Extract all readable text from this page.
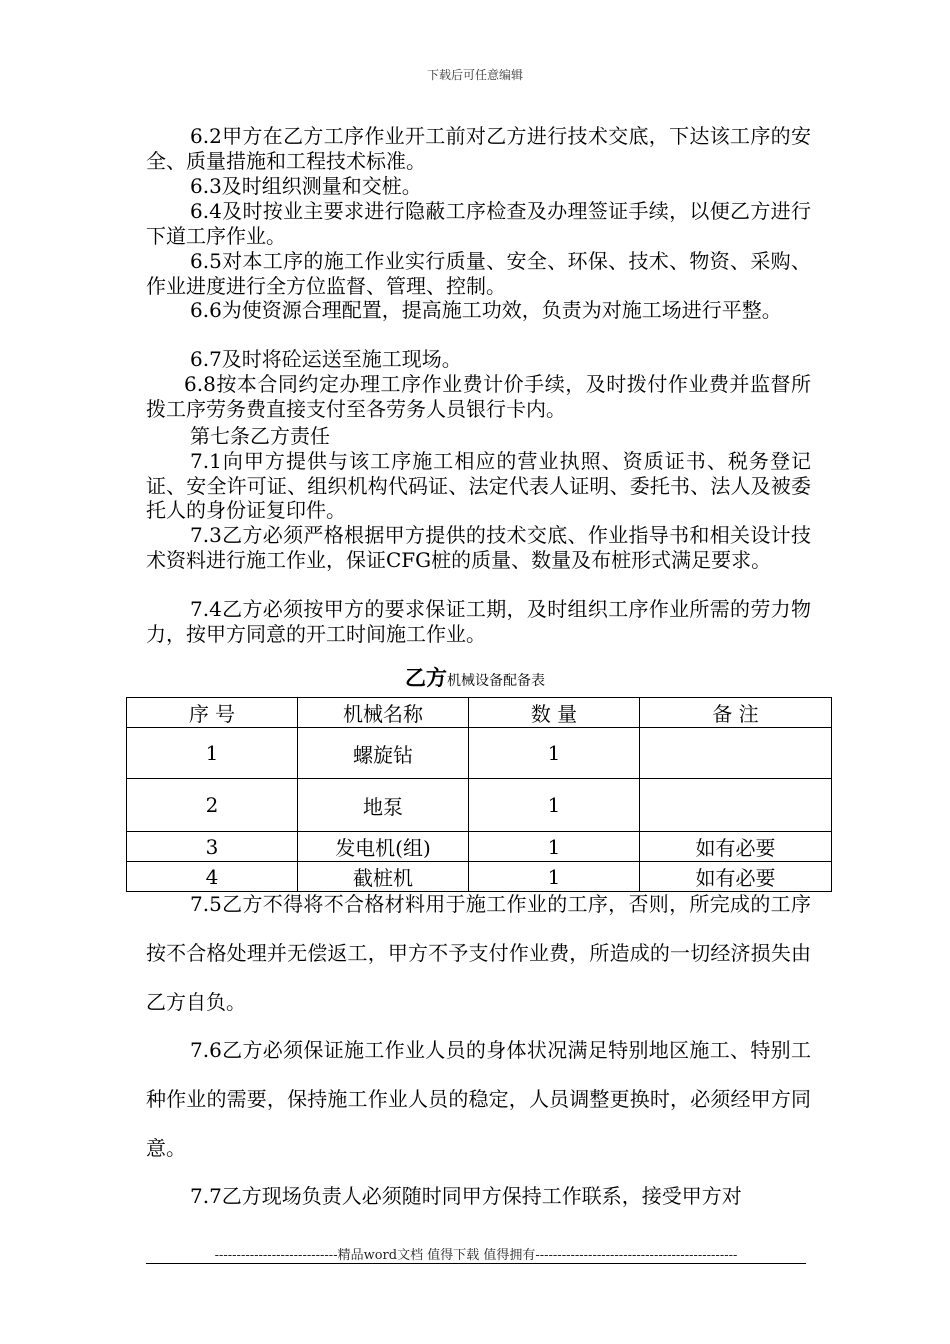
下载后可任意编辑

6.2甲方在乙方工序作业开工前对乙方进行技术交底，下达该工序的安全、质量措施和工程技术标准。

6.3及时组织测量和交桩。

6.4及时按业主要求进行隐蔽工序检查及办理签证手续，以便乙方进行下道工序作业。

6.5对本工序的施工作业实行质量、安全、环保、技术、物资、采购、作业进度进行全方位监督、管理、控制。

6.6为使资源合理配置，提高施工功效，负责为对施工场进行平整。

6.7及时将砼运送至施工现场。

6.8按本合同约定办理工序作业费计价手续，及时拨付作业费并监督所拨工序劳务费直接支付至各劳务人员银行卡内。

第七条乙方责任

7.1向甲方提供与该工序施工相应的营业执照、资质证书、税务登记证、安全许可证、组织机构代码证、法定代表人证明、委托书、法人及被委托人的身份证复印件。

7.3乙方必须严格根据甲方提供的技术交底、作业指导书和相关设计技术资料进行施工作业，保证CFG桩的质量、数量及布桩形式满足要求。

7.4乙方必须按甲方的要求保证工期，及时组织工序作业所需的劳力物力，按甲方同意的开工时间施工作业。

乙方机械设备配备表
序 号	机械名称	数 量	备 注
1	螺旋钻	1	
2	地泵	1	
3	发电机(组)	1	如有必要
4	截桩机	1	如有必要

7.5乙方不得将不合格材料用于施工作业的工序，否则，所完成的工序按不合格处理并无偿返工，甲方不予支付作业费，所造成的一切经济损失由乙方自负。

7.6乙方必须保证施工作业人员的身体状况满足特别地区施工、特别工种作业的需要，保持施工作业人员的稳定，人员调整更换时，必须经甲方同意。

7.7乙方现场负责人必须随时同甲方保持工作联系，接受甲方对

----------------------------精品word文档 值得下载 值得拥有----------------------------------------------
